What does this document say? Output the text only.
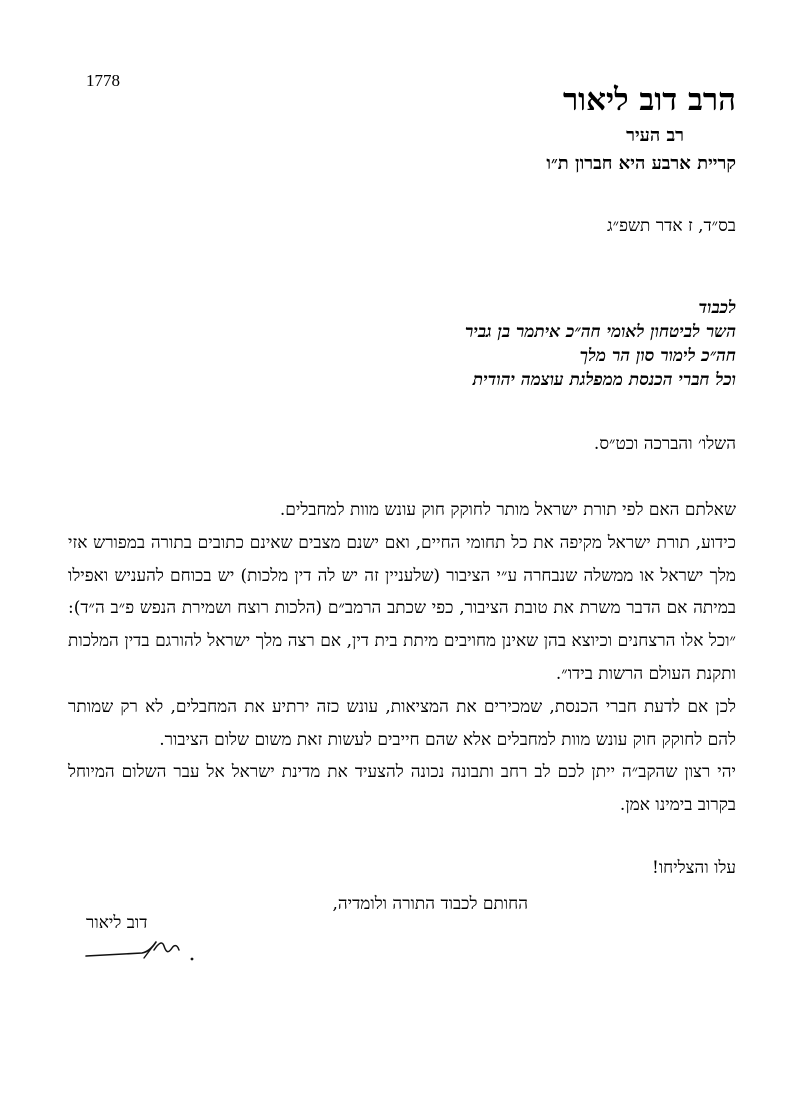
1778
הרב דוב ליאור
רב העיר
קריית ארבע היא חברון ת״ו
בס״ד, ז אדר תשפ״ג
לכבוד
השר לביטחון לאומי חה״כ איתמר בן גביר
חה״כ לימור סון הר מלך
וכל חברי הכנסת ממפלגת עוצמה יהודית
השלו׳ והברכה וכט״ס.

שאלתם האם לפי תורת ישראל מותר לחוקק חוק עונש מוות למחבלים.

כידוע, תורת ישראל מקיפה את כל תחומי החיים, ואם ישנם מצבים שאינם כתובים בתורה במפורש אזי מלך ישראל או ממשלה שנבחרה ע״י הציבור (שלעניין זה יש לה דין מלכות) יש בכוחם להעניש ואפילו במיתה אם הדבר משרת את טובת הציבור, כפי שכתב הרמב״ם (הלכות רוצח ושמירת הנפש פ״ב ה״ד): ״וכל אלו הרצחנים וכיוצא בהן שאינן מחויבים מיתת בית דין, אם רצה מלך ישראל להורגם בדין המלכות ותקנת העולם הרשות בידו״.

לכן אם לדעת חברי הכנסת, שמכירים את המציאות, עונש כזה ירתיע את המחבלים, לא רק שמותר להם לחוקק חוק עונש מוות למחבלים אלא שהם חייבים לעשות זאת משום שלום הציבור.

יהי רצון שהקב״ה ייתן לכם לב רחב ותבונה נכונה להצעיד את מדינת ישראל אל עבר השלום המיוחל בקרוב בימינו אמן.

עלו והצליחו!
החותם לכבוד התורה ולומדיה,
דוב ליאור
